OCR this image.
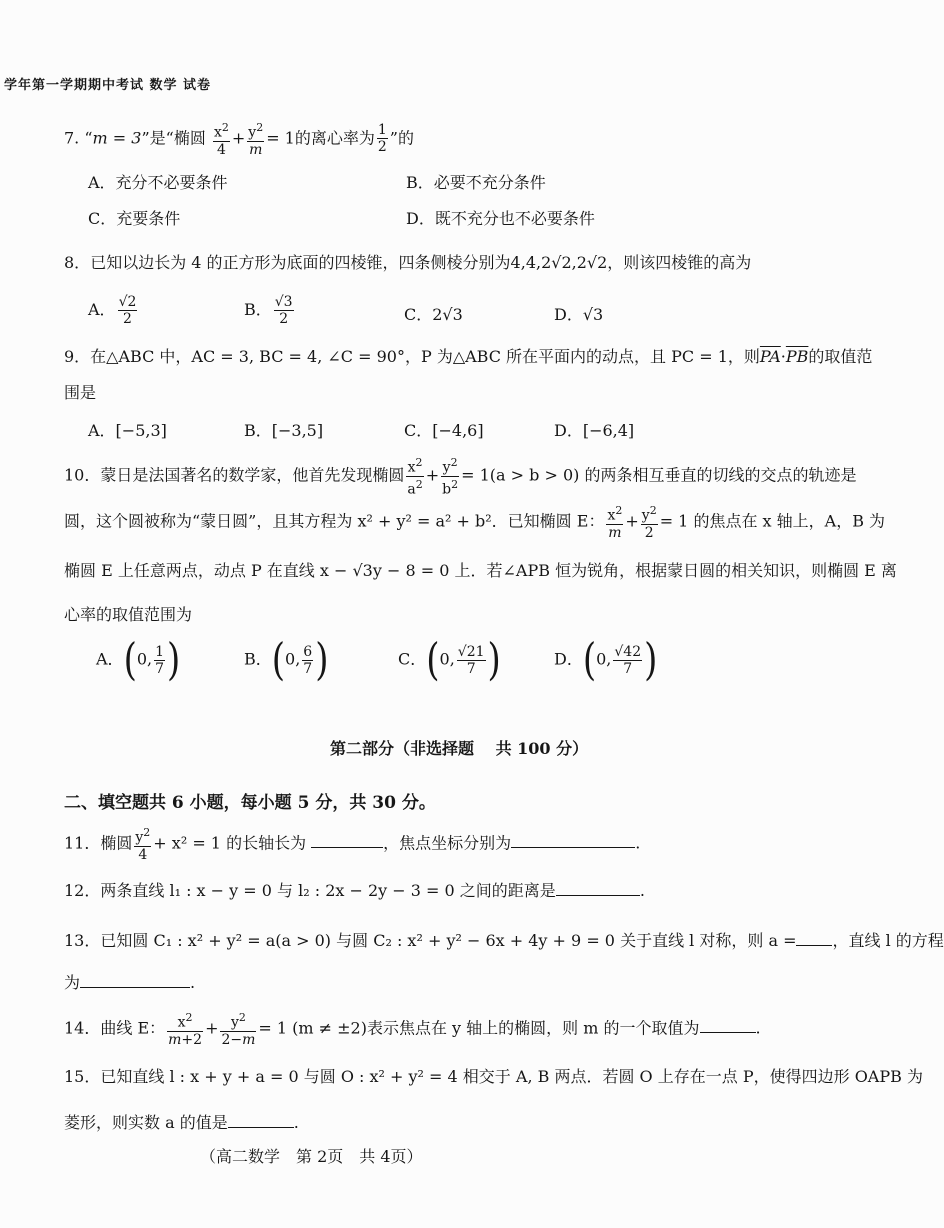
学年第一学期期中考试 数学 试卷
7. “m = 3”是“椭圆 $\frac{x^2}{4} + \frac{y^2}{m} = 1$的离心率为 $\frac{1}{2}$ ”的
A．充分不必要条件	B．必要不充分条件
C．充要条件	D．既不充分也不必要条件
8．已知以边长为 4 的正方形为底面的四棱锥，四条侧棱分别为4,4,2√2,2√2，则该四棱锥的高为
A． $\frac{√2}{2}$	B． $\frac{√3}{2}$	C．2√3	D．√3
9．在△ABC 中，AC = 3, BC = 4, ∠C = 90°，P 为△ABC 所在平面内的动点，且 PC = 1，则$\overline{PA}\cdot\overline{PB}$的取值范
围是
A．[−5,3]	B．[−3,5]	C．[−4,6]	D．[−6,4]
10．蒙日是法国著名的数学家，他首先发现椭圆 $\frac{x^2}{a^2} + \frac{y^2}{b^2} = 1(a > b > 0)$ 的两条相互垂直的切线的交点的轨迹是
圆，这个圆被称为“蒙日圆”，且其方程为 x² + y² = a² + b²．已知椭圆 E： $\frac{x^2}{m} + \frac{y^2}{2} = 1$ 的焦点在 x 轴上，A，B 为
椭圆 E 上任意两点，动点 P 在直线 x − √3y − 8 = 0 上．若∠APB 恒为锐角，根据蒙日圆的相关知识，则椭圆 E 离
心率的取值范围为
A．(0, $\frac{1}{7}$ )	B．(0, $\frac{6}{7}$ )	C．(0, $\frac{√21}{7}$ )	D．(0, $\frac{√42}{7}$ )
第二部分（非选择题　 共 100 分）
二、填空题共 6 小题，每小题 5 分，共 30 分。
11．椭圆 $\frac{y^2}{4} + x^2 = 1$ 的长轴长为	，焦点坐标分别为	.
12．两条直线 l₁ : x − y = 0 与 l₂ : 2x − 2y − 3 = 0 之间的距离是	.
13．已知圆 C₁ : x² + y² = a(a > 0) 与圆 C₂ : x² + y² − 6x + 4y + 9 = 0 关于直线 l 对称，则 a = ，直线 l 的方程
为	.
14．曲线 E： $\frac{x^2}{m+2} + \frac{y^2}{2-m} = 1$ (m ≠ ±2)表示焦点在 y 轴上的椭圆，则 m 的一个取值为	.
15．已知直线 l : x + y + a = 0 与圆 O : x² + y² = 4 相交于 A, B 两点．若圆 O 上存在一点 P，使得四边形 OAPB 为
菱形，则实数 a 的值是	.
（高二数学　第 2页　共 4页）
